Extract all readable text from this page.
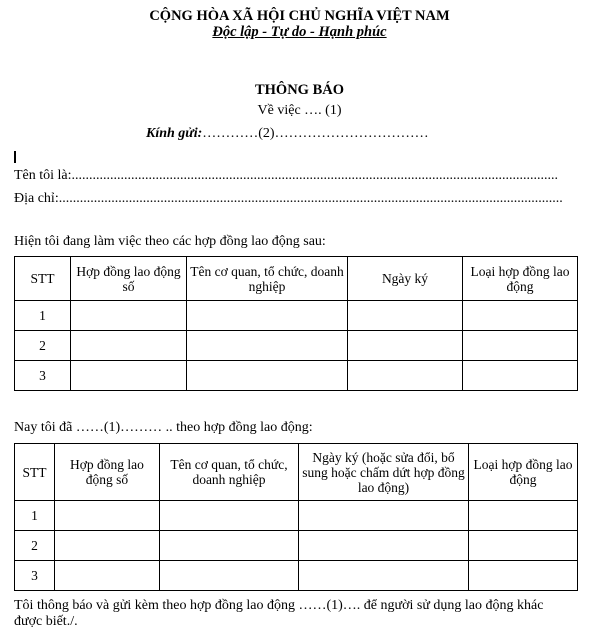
CỘNG HÒA XÃ HỘI CHỦ NGHĨA VIỆT NAM
Độc lập - Tự do - Hạnh phúc
THÔNG BÁO
Về việc …. (1)
Kính gửi:…………(2)……………………………
Tên tôi là:...........................................................................................................................................
Địa chỉ:................................................................................................................................................
Hiện tôi đang làm việc theo các hợp đồng lao động sau:
STT	Hợp đồng lao động số	Tên cơ quan, tổ chức, doanh nghiệp	Ngày ký	Loại hợp đồng lao động
1				
2				
3				
Nay tôi đã ……(1)……… .. theo hợp đồng lao động:
STT	Hợp đồng lao động số	Tên cơ quan, tổ chức, doanh nghiệp	Ngày ký (hoặc sửa đổi, bổ sung hoặc chấm dứt hợp đồng lao động)	Loại hợp đồng lao động
1				
2				
3				
Tôi thông báo và gửi kèm theo hợp đồng lao động ……(1)…. để người sử dụng lao động khác
được biết./.
